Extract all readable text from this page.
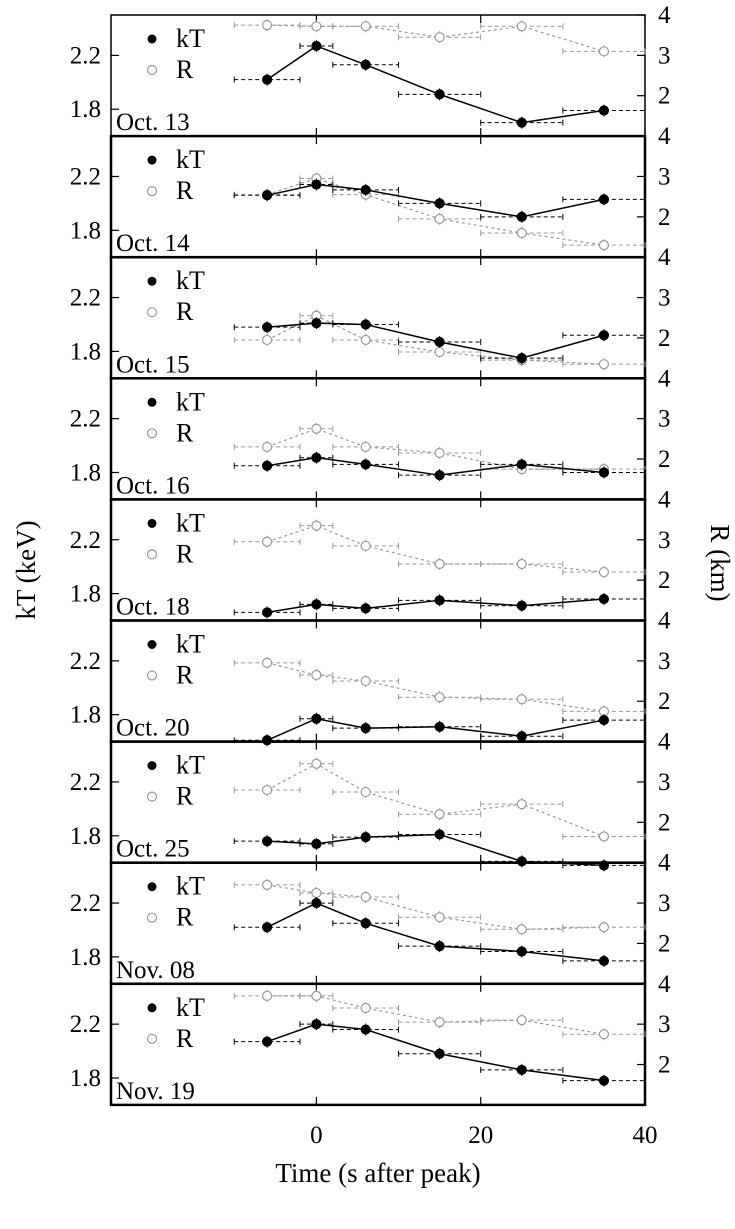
1.8
2.2
2
3
4
Oct. 13
kT
R
1.8
2.2
2
3
4
Oct. 14
kT
R
1.8
2.2
2
3
4
Oct. 15
kT
R
1.8
2.2
2
3
4
Oct. 16
kT
R
1.8
2.2
2
3
4
Oct. 18
kT
R
1.8
2.2
2
3
4
Oct. 20
kT
R
1.8
2.2
2
3
4
Oct. 25
kT
R
1.8
2.2
2
3
4
Nov. 08
kT
R
1.8
2.2
2
3
4
Nov. 19
kT
R
0	20	40
Time (s after peak)
kT (keV)	R (km)
